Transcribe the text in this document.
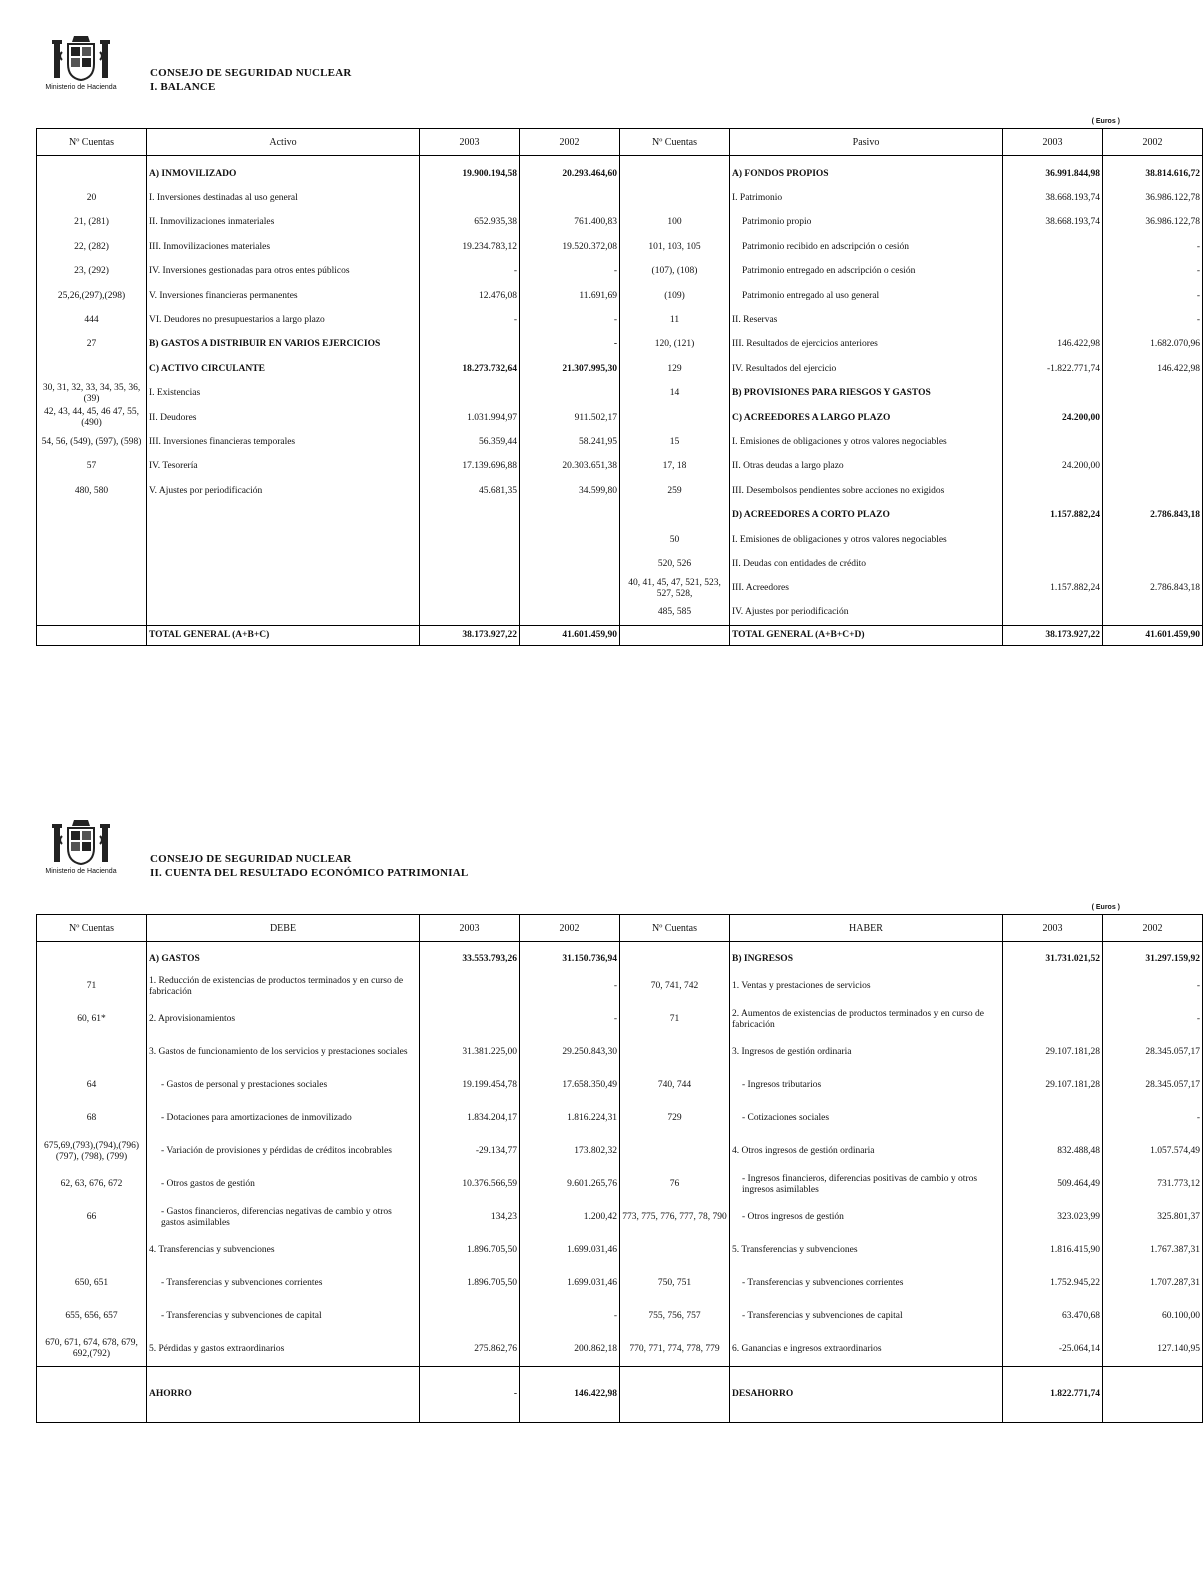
Ministerio de Hacienda
CONSEJO DE SEGURIDAD NUCLEAR
I. BALANCE
( Euros )
Nº Cuentas	Activo	2003	2002	Nº Cuentas	Pasivo	2003	2002

	A) INMOVILIZADO	19.900.194,58	20.293.464,60		A) FONDOS PROPIOS	36.991.844,98	38.814.616,72
20	I. Inversiones destinadas al uso general				I. Patrimonio	38.668.193,74	36.986.122,78
21, (281)	II. Inmovilizaciones inmateriales	652.935,38	761.400,83	100	Patrimonio propio	38.668.193,74	36.986.122,78
22, (282)	III. Inmovilizaciones materiales	19.234.783,12	19.520.372,08	101, 103, 105	Patrimonio recibido en adscripción o cesión		-
23, (292)	IV. Inversiones gestionadas para otros entes públicos	-	-	(107), (108)	Patrimonio entregado en adscripción o cesión		-
25,26,(297),(298)	V. Inversiones financieras permanentes	12.476,08	11.691,69	(109)	Patrimonio entregado al uso general		-
444	VI. Deudores no presupuestarios a largo plazo	-	-	11	II. Reservas		-
27	B) GASTOS A DISTRIBUIR EN VARIOS EJERCICIOS		-	120, (121)	III. Resultados de ejercicios anteriores	146.422,98	1.682.070,96
	C) ACTIVO CIRCULANTE	18.273.732,64	21.307.995,30	129	IV. Resultados del ejercicio	-1.822.771,74	146.422,98
30, 31, 32, 33, 34, 35, 36, (39)	I. Existencias			14	B) PROVISIONES PARA RIESGOS Y GASTOS		
42, 43, 44, 45, 46 47, 55, (490)	II. Deudores	1.031.994,97	911.502,17		C) ACREEDORES A LARGO PLAZO	24.200,00	
54, 56, (549), (597), (598)	III. Inversiones financieras temporales	56.359,44	58.241,95	15	I. Emisiones de obligaciones y otros valores negociables		
57	IV. Tesorería	17.139.696,88	20.303.651,38	17, 18	II. Otras deudas a largo plazo	24.200,00	
480, 580	V. Ajustes por periodificación	45.681,35	34.599,80	259	III. Desembolsos pendientes sobre acciones no exigidos		
					D) ACREEDORES A CORTO PLAZO	1.157.882,24	2.786.843,18
				50	I. Emisiones de obligaciones y otros valores negociables		
				520, 526	II. Deudas con entidades de crédito		
				40, 41, 45, 47, 521, 523, 527, 528,	III. Acreedores	1.157.882,24	2.786.843,18
				485, 585	IV. Ajustes por periodificación		
	TOTAL GENERAL (A+B+C)	38.173.927,22	41.601.459,90		TOTAL GENERAL (A+B+C+D)	38.173.927,22	41.601.459,90
Ministerio de Hacienda
CONSEJO DE SEGURIDAD NUCLEAR
II. CUENTA DEL RESULTADO ECONÓMICO PATRIMONIAL
( Euros )
Nº Cuentas	DEBE	2003	2002	Nº Cuentas	HABER	2003	2002

	A) GASTOS	33.553.793,26	31.150.736,94		B) INGRESOS	31.731.021,52	31.297.159,92
71	1. Reducción de existencias de productos terminados y en curso de fabricación		-	70, 741, 742	1. Ventas y prestaciones de servicios		-
60, 61*	2. Aprovisionamientos		-	71	2. Aumentos de existencias de productos terminados y en curso de fabricación		-
	3. Gastos de funcionamiento de los servicios y prestaciones sociales	31.381.225,00	29.250.843,30		3. Ingresos de gestión ordinaria	29.107.181,28	28.345.057,17
64	- Gastos de personal y prestaciones sociales	19.199.454,78	17.658.350,49	740, 744	- Ingresos tributarios	29.107.181,28	28.345.057,17
68	- Dotaciones para amortizaciones de inmovilizado	1.834.204,17	1.816.224,31	729	- Cotizaciones sociales		-
675,69,(793),(794),(796) (797), (798), (799)	- Variación de provisiones y pérdidas de créditos incobrables	-29.134,77	173.802,32		4. Otros ingresos de gestión ordinaria	832.488,48	1.057.574,49
62, 63, 676, 672	- Otros gastos de gestión	10.376.566,59	9.601.265,76	76	- Ingresos financieros, diferencias positivas de cambio y otros ingresos asimilables	509.464,49	731.773,12
66	- Gastos financieros, diferencias negativas de cambio y otros gastos asimilables	134,23	1.200,42	773, 775, 776, 777, 78, 790	- Otros ingresos de gestión	323.023,99	325.801,37
	4. Transferencias y subvenciones	1.896.705,50	1.699.031,46		5. Transferencias y subvenciones	1.816.415,90	1.767.387,31
650, 651	- Transferencias y subvenciones corrientes	1.896.705,50	1.699.031,46	750, 751	- Transferencias y subvenciones corrientes	1.752.945,22	1.707.287,31
655, 656, 657	- Transferencias y subvenciones de capital		-	755, 756, 757	- Transferencias y subvenciones de capital	63.470,68	60.100,00
670, 671, 674, 678, 679, 692,(792)	5. Pérdidas y gastos extraordinarios	275.862,76	200.862,18	770, 771, 774, 778, 779	6. Ganancias e ingresos extraordinarios	-25.064,14	127.140,95
	AHORRO	-	146.422,98		DESAHORRO	1.822.771,74	
